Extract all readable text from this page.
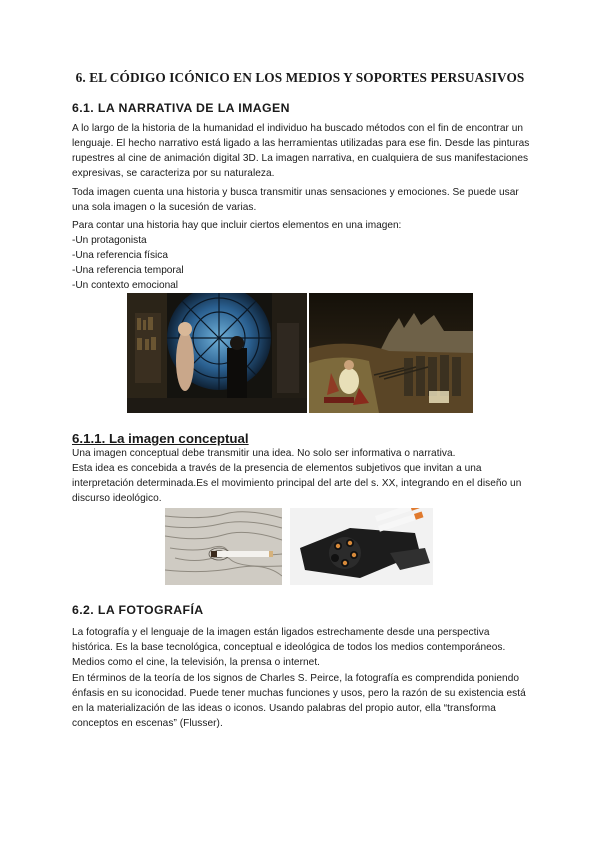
6. EL CÓDIGO ICÓNICO EN LOS MEDIOS Y SOPORTES PERSUASIVOS
6.1. LA NARRATIVA DE LA IMAGEN
A lo largo de la historia de la humanidad el individuo ha buscado métodos con el fin de encontrar un lenguaje. El hecho narrativo está ligado a las herramientas utilizadas para ese fin. Desde las pinturas rupestres al cine de animación digital 3D. La imagen narrativa, en cualquiera de sus manifestaciones expresivas, se caracteriza por su naturaleza.
Toda imagen cuenta una historia y busca transmitir unas sensaciones y emociones. Se puede usar una sola imagen o la sucesión de varias.
Para contar una historia hay que incluir ciertos elementos en una imagen:
-Un protagonista
-Una referencia física
-Una referencia temporal
-Un contexto emocional
6.1.1. La imagen conceptual
Una imagen conceptual debe transmitir una idea. No solo ser informativa o narrativa.
Esta idea es concebida a través de la presencia de elementos subjetivos que invitan a una interpretación determinada.Es el movimiento principal del arte del s. XX, integrando en el diseño un discurso ideológico.
6.2. LA FOTOGRAFÍA
La fotografía y el lenguaje de la imagen están ligados estrechamente desde una perspectiva histórica. Es la base tecnológica, conceptual e ideológica de todos los medios contemporáneos. Medios como el cine, la televisión, la prensa o internet.
En términos de la teoría de los signos de Charles S. Peirce, la fotografía es comprendida poniendo énfasis en su iconocidad. Puede tener muchas funciones y usos, pero la razón de su existencia está en la materialización de las ideas o iconos. Usando palabras del propio autor, ella “transforma conceptos en escenas” (Flusser).
